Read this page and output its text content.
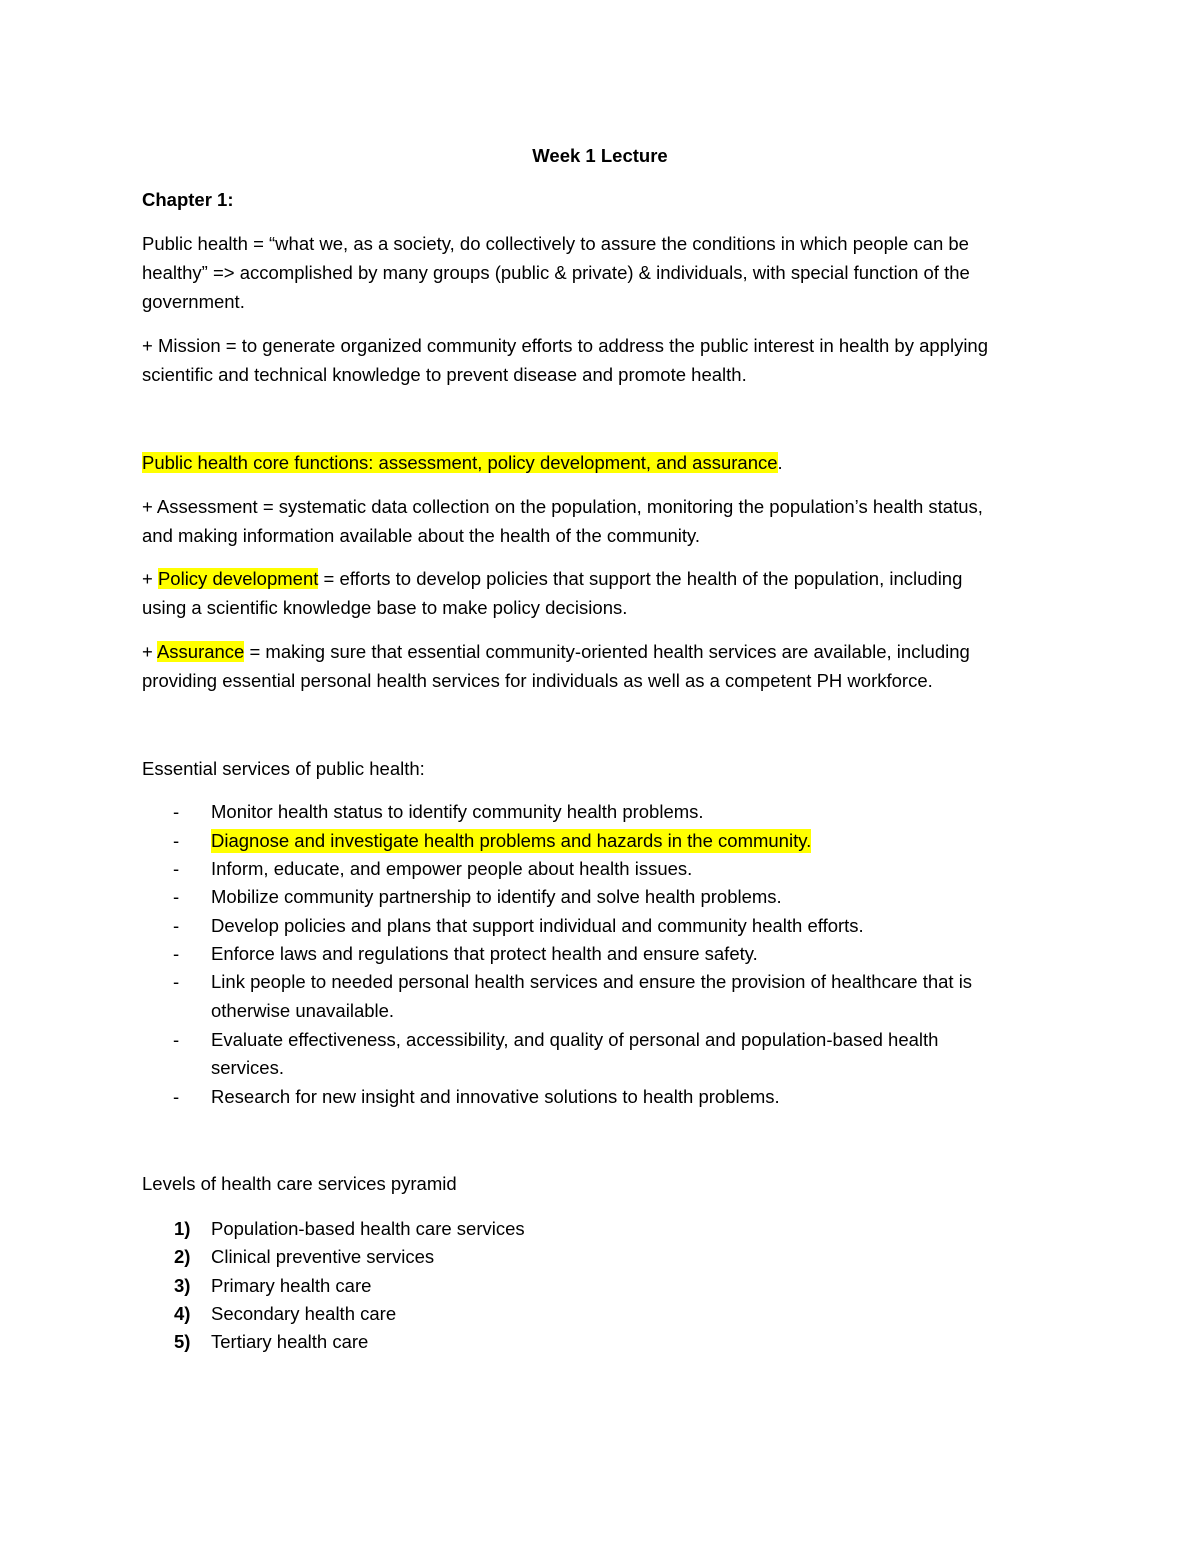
Week 1 Lecture
Chapter 1:
Public health = “what we, as a society, do collectively to assure the conditions in which people can be
healthy” => accomplished by many groups (public & private) & individuals, with special function of the
government.
+ Mission = to generate organized community efforts to address the public interest in health by applying
scientific and technical knowledge to prevent disease and promote health.
Public health core functions: assessment, policy development, and assurance.
+ Assessment = systematic data collection on the population, monitoring the population’s health status,
and making information available about the health of the community.
+ Policy development = efforts to develop policies that support the health of the population, including
using a scientific knowledge base to make policy decisions.
+ Assurance = making sure that essential community-oriented health services are available, including
providing essential personal health services for individuals as well as a competent PH workforce.
Essential services of public health:
- Monitor health status to identify community health problems.
- Diagnose and investigate health problems and hazards in the community.
- Inform, educate, and empower people about health issues.
- Mobilize community partnership to identify and solve health problems.
- Develop policies and plans that support individual and community health efforts.
- Enforce laws and regulations that protect health and ensure safety.
- Link people to needed personal health services and ensure the provision of healthcare that is
otherwise unavailable.
- Evaluate effectiveness, accessibility, and quality of personal and population-based health
services.
- Research for new insight and innovative solutions to health problems.
Levels of health care services pyramid
1) Population-based health care services
2) Clinical preventive services
3) Primary health care
4) Secondary health care
5) Tertiary health care
